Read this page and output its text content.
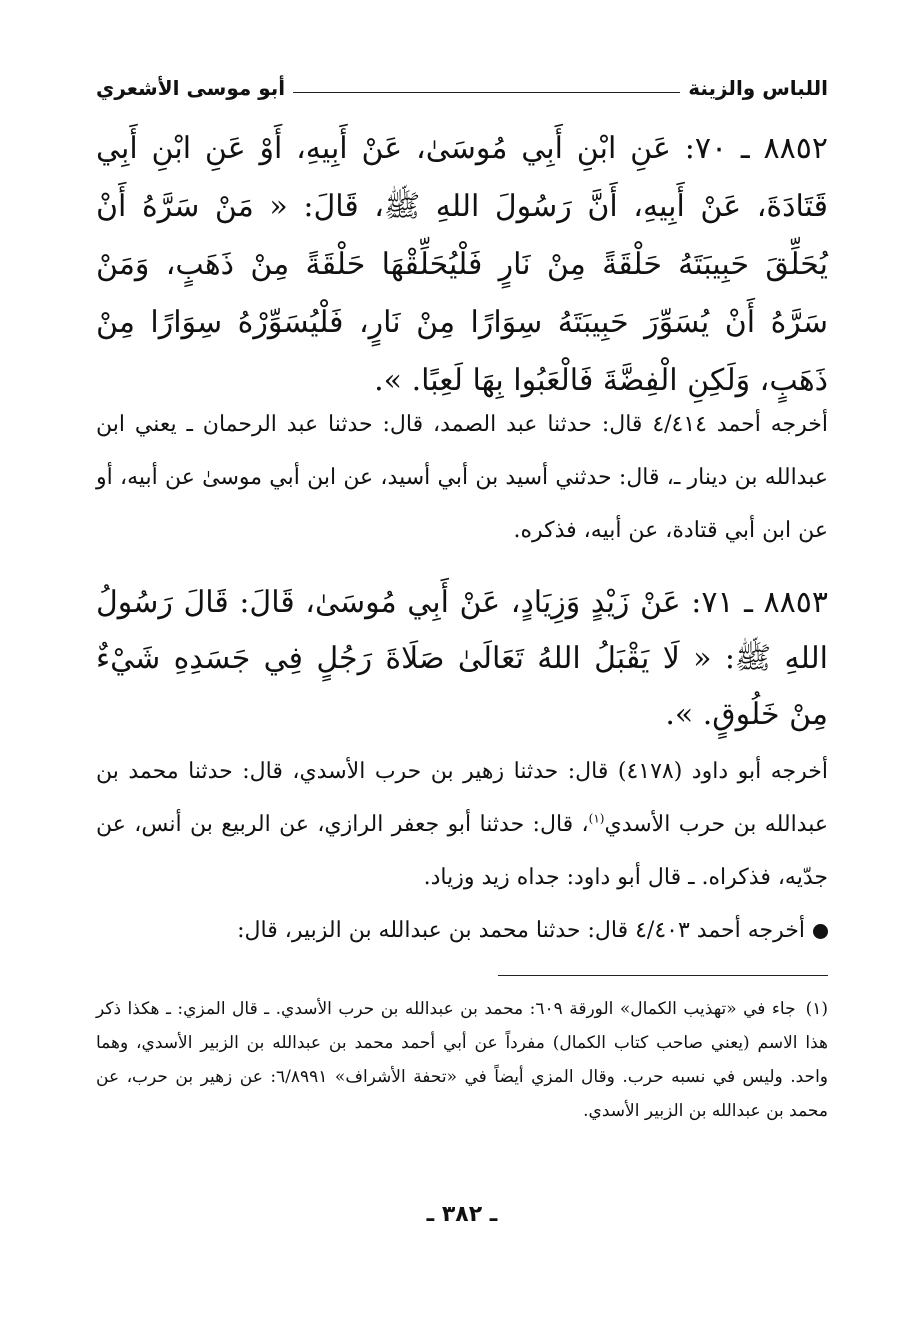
اللباس والزينة
أبو موسى الأشعري
٨٨٥٢ ـ ٧٠: عَنِ ابْنِ أَبِي مُوسَىٰ، عَنْ أَبِيهِ، أَوْ عَنِ ابْنِ أَبِي قَتَادَةَ، عَنْ أَبِيهِ، أَنَّ رَسُولَ اللهِ ﷺ، قَالَ: « مَنْ سَرَّهُ أَنْ يُحَلِّقَ حَبِيبَتَهُ حَلْقَةً مِنْ نَارٍ فَلْيُحَلِّقْهَا حَلْقَةً مِنْ ذَهَبٍ، وَمَنْ سَرَّهُ أَنْ يُسَوِّرَ حَبِيبَتَهُ سِوَارًا مِنْ نَارٍ، فَلْيُسَوِّرْهُ سِوَارًا مِنْ ذَهَبٍ، وَلَكِنِ الْفِضَّةَ فَالْعَبُوا بِهَا لَعِبًا. ».
أخرجه أحمد ٤/٤١٤ قال: حدثنا عبد الصمد، قال: حدثنا عبد الرحمان ـ يعني ابن عبدالله بن دينار ـ، قال: حدثني أسيد بن أبي أسيد، عن ابن أبي موسىٰ عن أبيه، أو عن ابن أبي قتادة، عن أبيه، فذكره.
٨٨٥٣ ـ ٧١: عَنْ زَيْدٍ وَزِيَادٍ، عَنْ أَبِي مُوسَىٰ، قَالَ: قَالَ رَسُولُ اللهِ ﷺ: « لَا يَقْبَلُ اللهُ تَعَالَىٰ صَلَاةَ رَجُلٍ فِي جَسَدِهِ شَيْءٌ مِنْ خَلُوقٍ. ».
أخرجه أبو داود (٤١٧٨) قال: حدثنا زهير بن حرب الأسدي، قال: حدثنا محمد بن عبدالله بن حرب الأسدي$^{(١)}$، قال: حدثنا أبو جعفر الرازي، عن الربيع بن أنس، عن جدّيه، فذكراه. ـ قال أبو داود: جداه زيد وزياد.
أخرجه أحمد ٤/٤٠٣ قال: حدثنا محمد بن عبدالله بن الزبير، قال:
(١)جاء في «تهذيب الكمال» الورقة ٦٠٩: محمد بن عبدالله بن حرب الأسدي. ـ قال المزي: ـ هكذا ذكر هذا الاسم (يعني صاحب كتاب الكمال) مفرداً عن أبي أحمد محمد بن عبدالله بن الزبير الأسدي، وهما واحد. وليس في نسبه حرب. وقال المزي أيضاً في «تحفة الأشراف» ٦/٨٩٩١: عن زهير بن حرب، عن محمد بن عبدالله بن الزبير الأسدي.
ـ ٣٨٢ ـ
